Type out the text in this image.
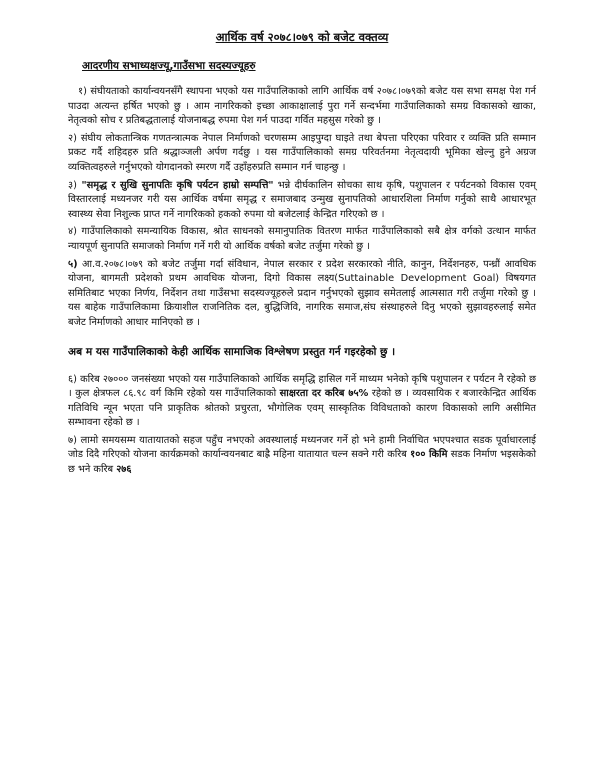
आर्थिक वर्ष २०७८।०७९ को बजेट वक्तव्य
आदरणीय सभाध्यक्षज्यू,गाउँसभा सदस्यज्यूहरु

१) संघीयताको कार्यान्वयनसँगै स्थापना भएको यस गाउँपालिकाको लागि आर्थिक वर्ष २०७८।०७९को बजेट यस सभा समक्ष पेश गर्न पाउदा अत्यन्त हर्षित भएको छु । आम नागरिकको इच्छा आकाक्षालाई पुरा गर्ने सन्दर्भमा गाउँपालिकाको समग्र विकासको खाका, नेतृत्वको सोच र प्रतिबद्धतालाई योजनाबद्ध रुपमा पेश गर्न पाउदा गर्वित महसुस गरेको छु ।

२) संघीय लोकतान्त्रिक गणतन्त्रात्मक नेपाल निर्माणको चरणसम्म आइपुग्दा घाइते तथा बेपत्ता परिएका परिवार र व्यक्ति प्रति सम्मान प्रकट गर्दै शहिदहरु प्रति श्रद्धाञ्जली अर्पण गर्दछु । यस गाउँपालिकाको समग्र परिवर्तनमा नेतृत्वदायी भूमिका खेल्नु हुने अग्रज व्यक्तित्वहरुले गर्नुभएको योगदानको स्मरण गर्दै उहाँहरुप्रति सम्मान गर्न चाहन्छु ।

३) "समृद्ध र सुखि सुनापतिः कृषि पर्यटन हाम्रो सम्पत्ति" भन्ने दीर्घकालिन सोचका साथ कृषि, पशुपालन र पर्यटनको विकास एवम् विस्तारलाई मध्यनजर गरी यस आर्थिक वर्षमा समृद्ध र समाजबाद उन्मुख सुनापतिको आधारशिला निर्माण गर्नुको साथै आधारभूत स्वास्थ्य सेवा निशुल्क प्राप्त गर्ने नागरिकको हकको रुपमा यो बजेटलाई केन्द्रित गरिएको छ ।

४) गाउँपालिकाको समन्यायिक विकास, श्रोत साधनको समानुपातिक वितरण मार्फत गाउँपालिकाको सबै क्षेत्र वर्गको उत्थान मार्फत न्यायपूर्ण सुनापति समाजको निर्माण गर्ने गरी यो आर्थिक वर्षको बजेट तर्जुमा गरेको छु ।

५) आ.व.२०७८।०७९ को बजेट तर्जुमा गर्दा संविधान, नेपाल सरकार र प्रदेश सरकारको नीति, कानुन, निर्देशनहरु, पन्ध्रौं आवधिक योजना, बागमती प्रदेशको प्रथम आवधिक योजना, दिगो विकास लक्ष्य(Suttainable Development Goal) विषयगत समितिबाट भएका निर्णय, निर्देशन तथा गाउँसभा सदस्यज्यूहरुले प्रदान गर्नुभएको सुझाव समेतलाई आत्मसात गरी तर्जुमा गरेको छु । यस बाहेक गाउँपालिकामा क्रियाशील राजनितिक दल, बुद्धिजिवि, नागरिक समाज,संघ संस्थाहरुले दिनु भएको सुझावहरुलाई समेत बजेट निर्माणको आधार मानिएको छ ।

अब म यस गाउँपालिकाको केही आर्थिक सामाजिक विश्लेषण प्रस्तुत गर्न गइरहेको छु ।

६) करिब २७००० जनसंख्या भएको यस गाउँपालिकाको आर्थिक समृद्धि हासिल गर्ने माध्यम भनेको कृषि पशुपालन र पर्यटन नै रहेको छ । कुल क्षेत्रफल ८६.९८ वर्ग किमि रहेको यस गाउँपालिकाको साक्षरता दर करिब ७५% रहेको छ । व्यवसायिक र बजारकेन्द्रित आर्थिक गतिविधि न्यून भएता पनि प्राकृतिक श्रोतको प्रचुरता, भौगोलिक एवम् सास्कृतिक विविधताको कारण विकासको लागि असीमित सम्भावना रहेको छ ।

७) लामो समयसम्म यातायातको सहज पहुँच नभएको अवस्थालाई मध्यनजर गर्ने हो भने हामी निर्वाचित भएपश्चात सडक पूर्वाधारलाई जोड दिदै गरिएको योजना कार्यक्रमको कार्यान्वयनबाट बाह्रै महिना यातायात चल्न सक्ने गरी करिब १०० किमि सडक निर्माण भइसकेको छ भने करिब २७६
